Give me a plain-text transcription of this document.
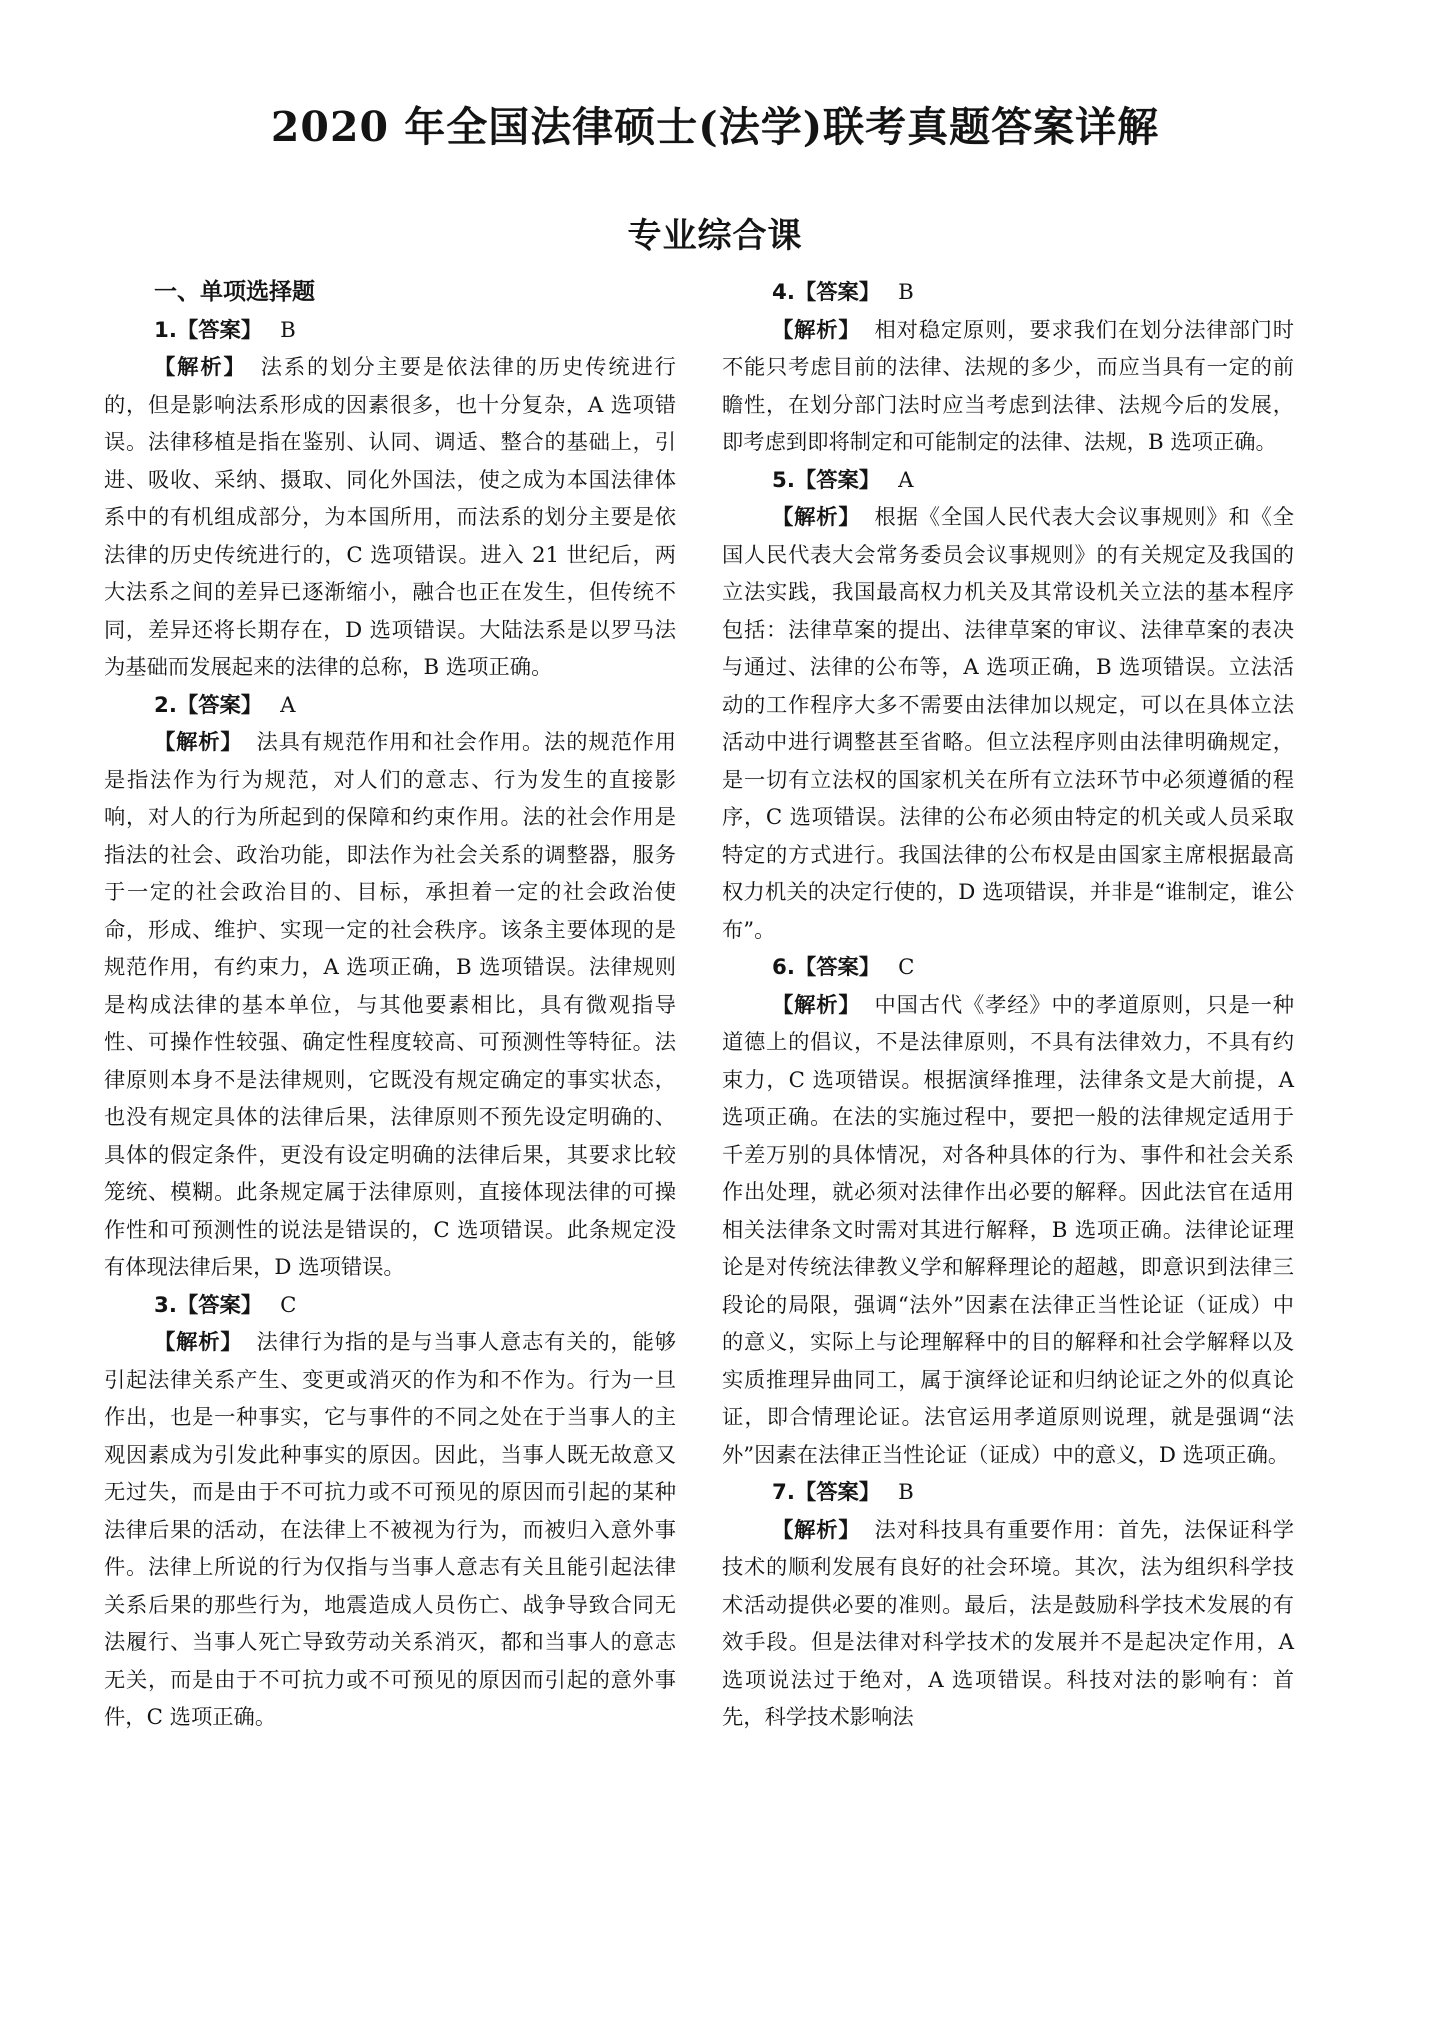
2020 年全国法律硕士(法学)联考真题答案详解
专业综合课
一、单项选择题
1.【答案】 B

【解析】 法系的划分主要是依法律的历史传统进行的，但是影响法系形成的因素很多，也十分复杂，A 选项错误。法律移植是指在鉴别、认同、调适、整合的基础上，引进、吸收、采纳、摄取、同化外国法，使之成为本国法律体系中的有机组成部分，为本国所用，而法系的划分主要是依法律的历史传统进行的，C 选项错误。进入 21 世纪后，两大法系之间的差异已逐渐缩小，融合也正在发生，但传统不同，差异还将长期存在，D 选项错误。大陆法系是以罗马法为基础而发展起来的法律的总称，B 选项正确。

2.【答案】 A

【解析】 法具有规范作用和社会作用。法的规范作用是指法作为行为规范，对人们的意志、行为发生的直接影响，对人的行为所起到的保障和约束作用。法的社会作用是指法的社会、政治功能，即法作为社会关系的调整器，服务于一定的社会政治目的、目标，承担着一定的社会政治使命，形成、维护、实现一定的社会秩序。该条主要体现的是规范作用，有约束力，A 选项正确，B 选项错误。法律规则是构成法律的基本单位，与其他要素相比，具有微观指导性、可操作性较强、确定性程度较高、可预测性等特征。法律原则本身不是法律规则，它既没有规定确定的事实状态，也没有规定具体的法律后果，法律原则不预先设定明确的、具体的假定条件，更没有设定明确的法律后果，其要求比较笼统、模糊。此条规定属于法律原则，直接体现法律的可操作性和可预测性的说法是错误的，C 选项错误。此条规定没有体现法律后果，D 选项错误。

3.【答案】 C

【解析】 法律行为指的是与当事人意志有关的，能够引起法律关系产生、变更或消灭的作为和不作为。行为一旦作出，也是一种事实，它与事件的不同之处在于当事人的主观因素成为引发此种事实的原因。因此，当事人既无故意又无过失，而是由于不可抗力或不可预见的原因而引起的某种法律后果的活动，在法律上不被视为行为，而被归入意外事件。法律上所说的行为仅指与当事人意志有关且能引起法律关系后果的那些行为，地震造成人员伤亡、战争导致合同无法履行、当事人死亡导致劳动关系消灭，都和当事人的意志无关，而是由于不可抗力或不可预见的原因而引起的意外事件，C 选项正确。

4.【答案】 B

【解析】 相对稳定原则，要求我们在划分法律部门时不能只考虑目前的法律、法规的多少，而应当具有一定的前瞻性，在划分部门法时应当考虑到法律、法规今后的发展，即考虑到即将制定和可能制定的法律、法规，B 选项正确。

5.【答案】 A

【解析】 根据《全国人民代表大会议事规则》和《全国人民代表大会常务委员会议事规则》的有关规定及我国的立法实践，我国最高权力机关及其常设机关立法的基本程序包括：法律草案的提出、法律草案的审议、法律草案的表决与通过、法律的公布等，A 选项正确，B 选项错误。立法活动的工作程序大多不需要由法律加以规定，可以在具体立法活动中进行调整甚至省略。但立法程序则由法律明确规定，是一切有立法权的国家机关在所有立法环节中必须遵循的程序，C 选项错误。法律的公布必须由特定的机关或人员采取特定的方式进行。我国法律的公布权是由国家主席根据最高权力机关的决定行使的，D 选项错误，并非是“谁制定，谁公布”。

6.【答案】 C

【解析】 中国古代《孝经》中的孝道原则，只是一种道德上的倡议，不是法律原则，不具有法律效力，不具有约束力，C 选项错误。根据演绎推理，法律条文是大前提，A 选项正确。在法的实施过程中，要把一般的法律规定适用于千差万别的具体情况，对各种具体的行为、事件和社会关系作出处理，就必须对法律作出必要的解释。因此法官在适用相关法律条文时需对其进行解释，B 选项正确。法律论证理论是对传统法律教义学和解释理论的超越，即意识到法律三段论的局限，强调“法外”因素在法律正当性论证（证成）中的意义，实际上与论理解释中的目的解释和社会学解释以及实质推理异曲同工，属于演绎论证和归纳论证之外的似真论证，即合情理论证。法官运用孝道原则说理，就是强调“法外”因素在法律正当性论证（证成）中的意义，D 选项正确。

7.【答案】 B

【解析】 法对科技具有重要作用：首先，法保证科学技术的顺利发展有良好的社会环境。其次，法为组织科学技术活动提供必要的准则。最后，法是鼓励科学技术发展的有效手段。但是法律对科学技术的发展并不是起决定作用，A 选项说法过于绝对，A 选项错误。科技对法的影响有：首先，科学技术影响法
